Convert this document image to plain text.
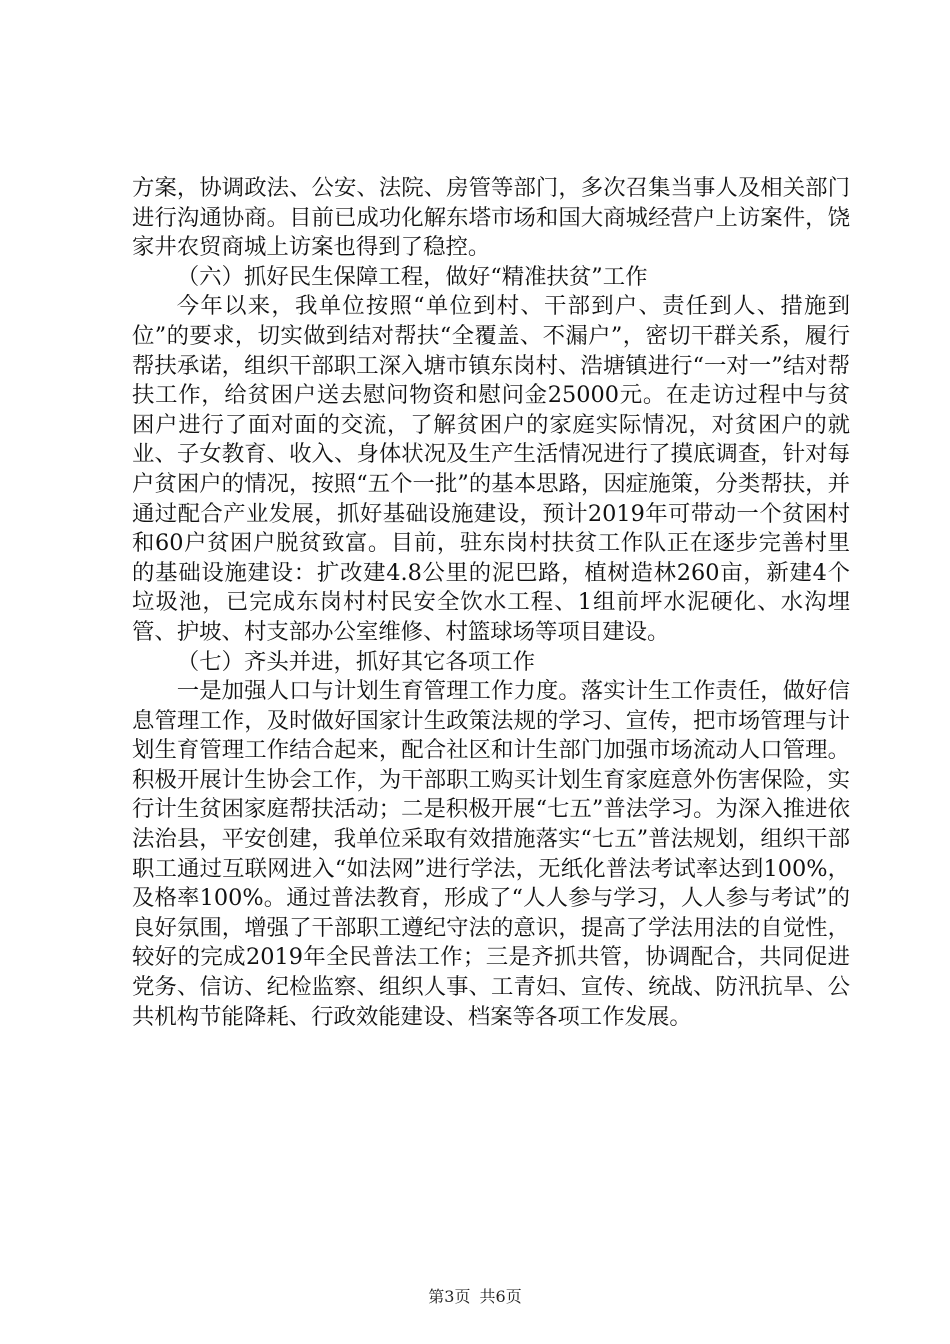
方案，协调政法、公安、法院、房管等部门，多次召集当事人及相关部门进行沟通协商。目前已成功化解东塔市场和国大商城经营户上访案件，饶家井农贸商城上访案也得到了稳控。

（六）抓好民生保障工程，做好“精准扶贫”工作

今年以来，我单位按照“单位到村、干部到户、责任到人、措施到位”的要求，切实做到结对帮扶“全覆盖、不漏户”，密切干群关系，履行帮扶承诺，组织干部职工深入塘市镇东岗村、浩塘镇进行“一对一”结对帮扶工作，给贫困户送去慰问物资和慰问金25000元。在走访过程中与贫困户进行了面对面的交流，了解贫困户的家庭实际情况，对贫困户的就业、子女教育、收入、身体状况及生产生活情况进行了摸底调查，针对每户贫困户的情况，按照“五个一批”的基本思路，因症施策，分类帮扶，并通过配合产业发展，抓好基础设施建设，预计2019年可带动一个贫困村和60户贫困户脱贫致富。目前，驻东岗村扶贫工作队正在逐步完善村里的基础设施建设：扩改建4.8公里的泥巴路，植树造林260亩，新建4个垃圾池，已完成东岗村村民安全饮水工程、1组前坪水泥硬化、水沟埋管、护坡、村支部办公室维修、村篮球场等项目建设。

（七）齐头并进，抓好其它各项工作

一是加强人口与计划生育管理工作力度。落实计生工作责任，做好信息管理工作，及时做好国家计生政策法规的学习、宣传，把市场管理与计划生育管理工作结合起来，配合社区和计生部门加强市场流动人口管理。积极开展计生协会工作，为干部职工购买计划生育家庭意外伤害保险，实行计生贫困家庭帮扶活动；二是积极开展“七五”普法学习。为深入推进依法治县，平安创建，我单位采取有效措施落实“七五”普法规划，组织干部职工通过互联网进入“如法网”进行学法，无纸化普法考试率达到100%，及格率100%。通过普法教育，形成了“人人参与学习，人人参与考试”的良好氛围，增强了干部职工遵纪守法的意识，提高了学法用法的自觉性，较好的完成2019年全民普法工作；三是齐抓共管，协调配合，共同促进党务、信访、纪检监察、组织人事、工青妇、宣传、统战、防汛抗旱、公共机构节能降耗、行政效能建设、档案等各项工作发展。

第3页 共6页
